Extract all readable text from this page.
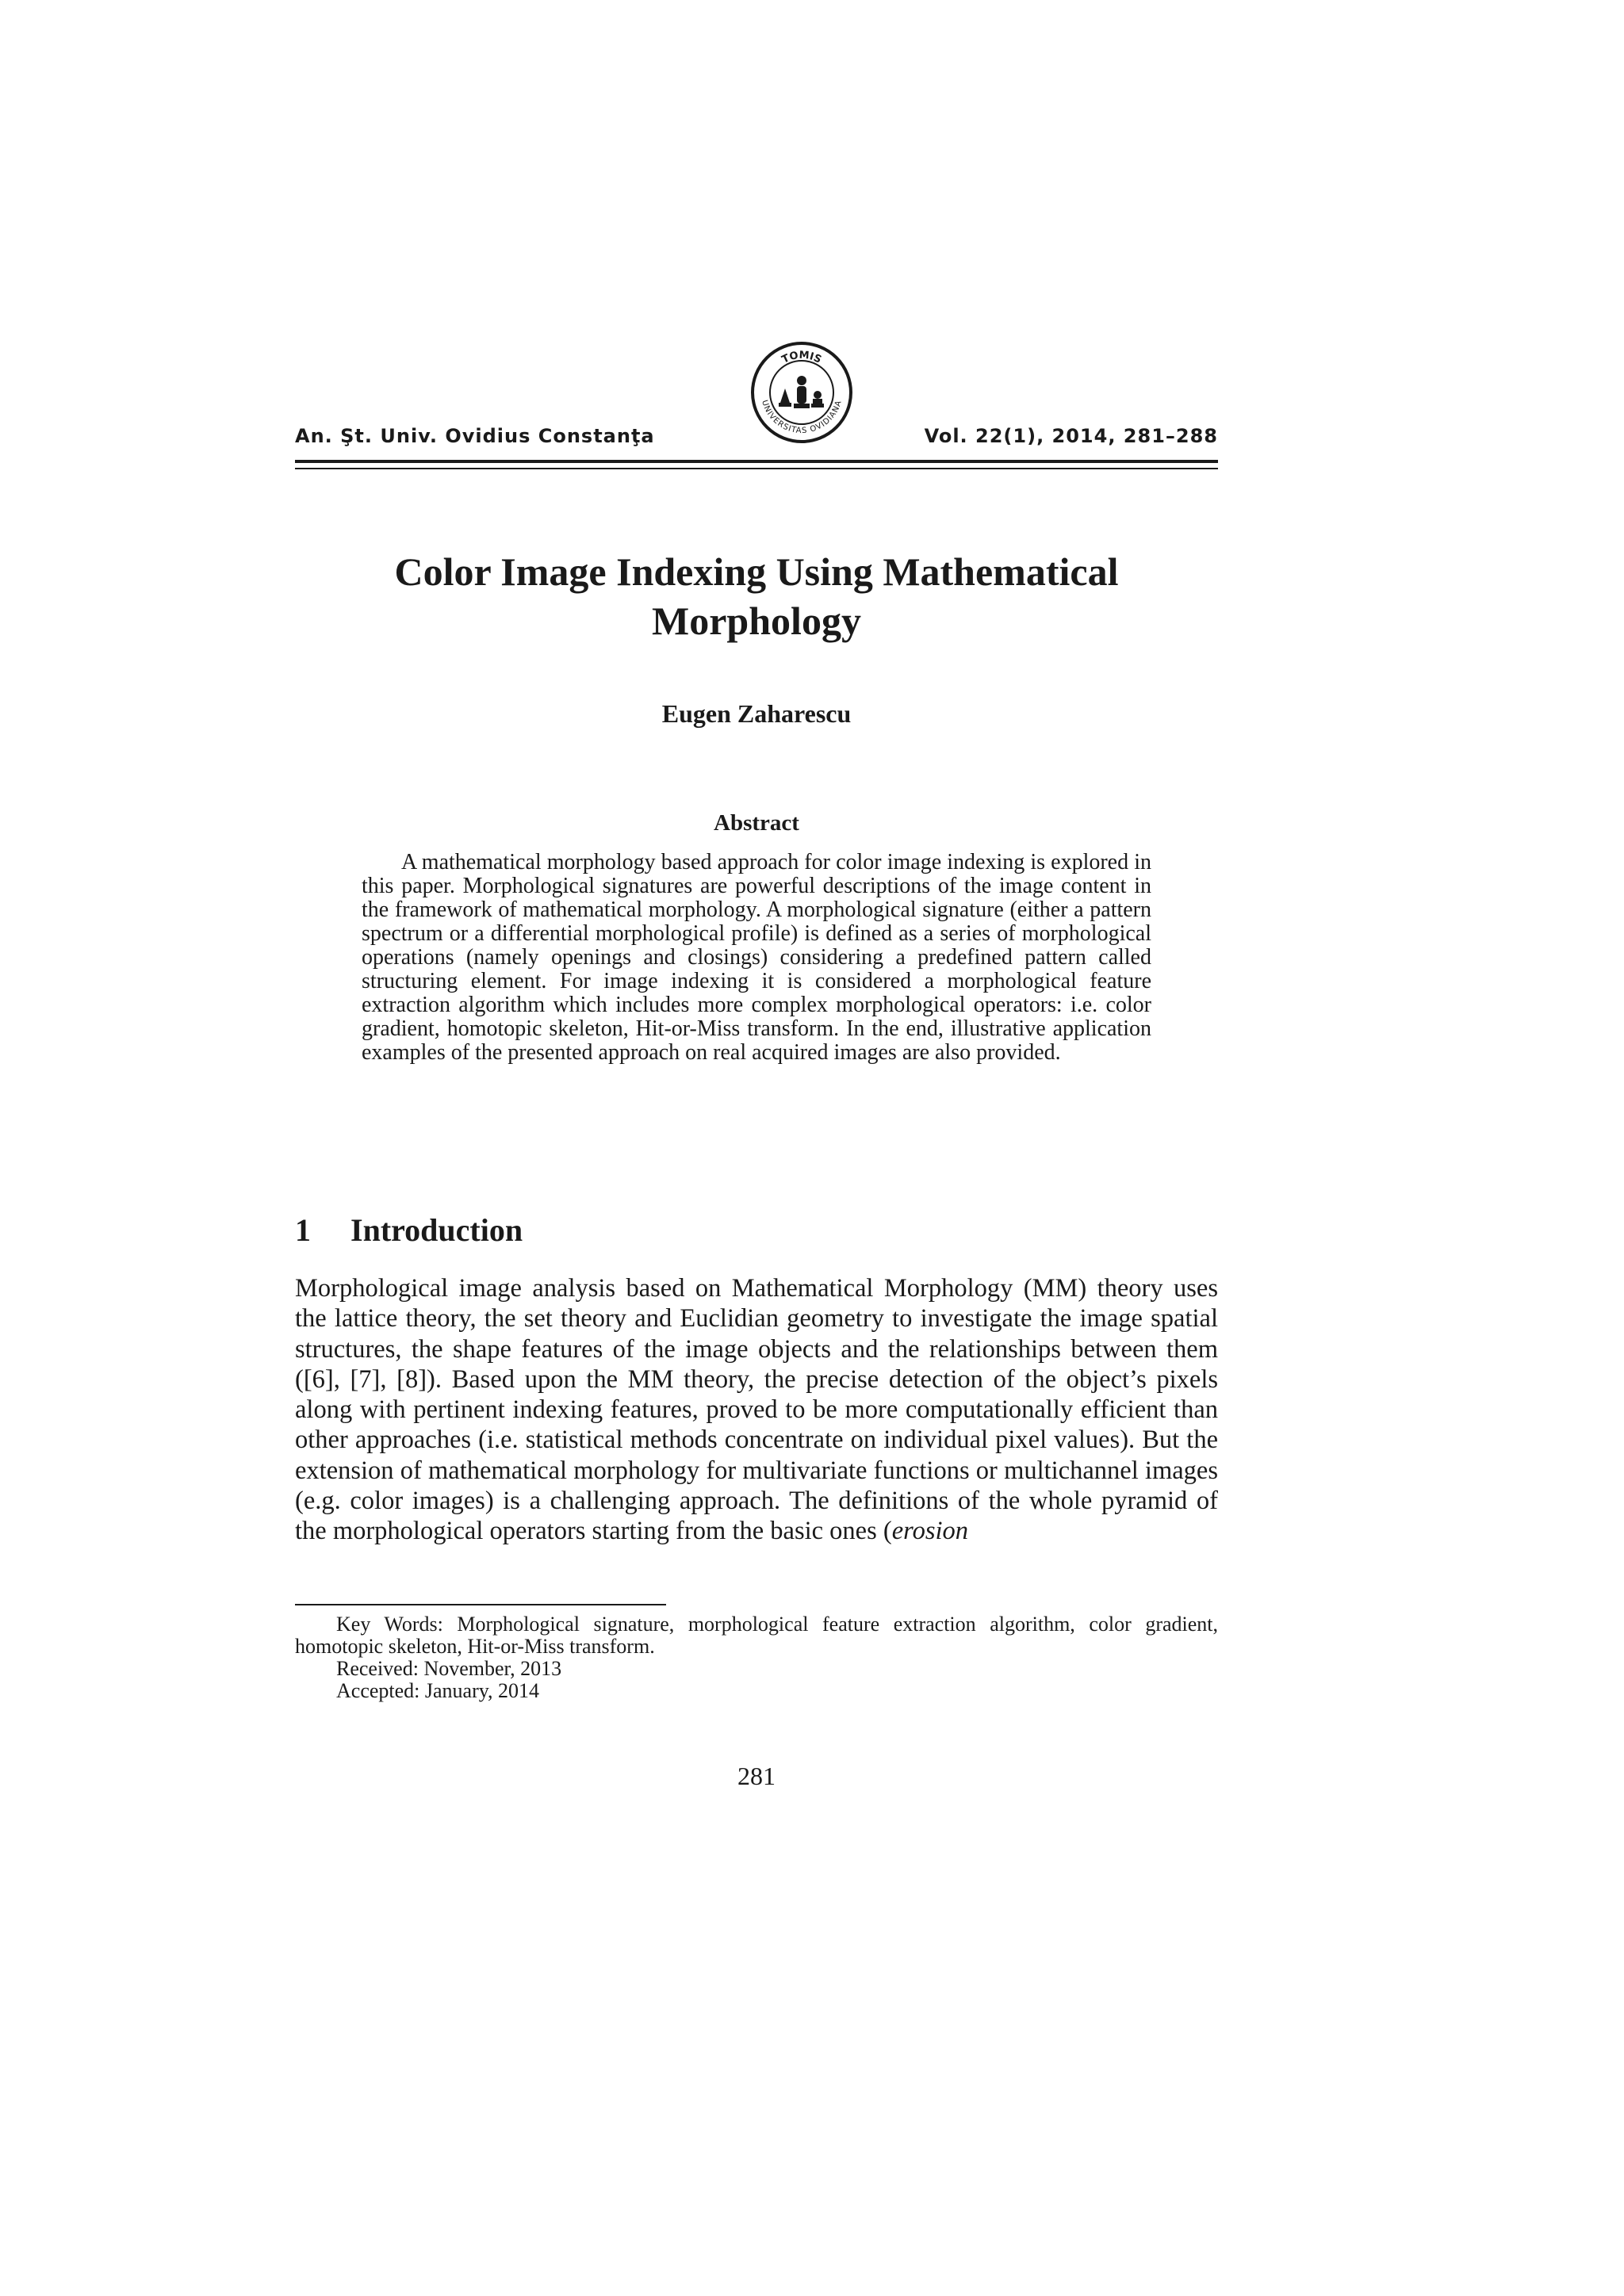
An. Şt. Univ. Ovidius Constanţa
TOMIS
UNIVERSITAS OVIDIANA
Vol. 22(1), 2014, 281–288
Color Image Indexing Using Mathematical
Morphology
Eugen Zaharescu
Abstract

A mathematical morphology based approach for color image indexing is explored in this paper. Morphological signatures are powerful descriptions of the image content in the framework of mathematical morphology. A morphological signature (either a pattern spectrum or a differential morphological profile) is defined as a series of morphological operations (namely openings and closings) considering a predefined pattern called structuring element. For image indexing it is considered a morphological feature extraction algorithm which includes more complex morphological operators: i.e. color gradient, homotopic skeleton, Hit-or-Miss transform. In the end, illustrative application examples of the presented approach on real acquired images are also provided.

1 Introduction

Morphological image analysis based on Mathematical Morphology (MM) theory uses the lattice theory, the set theory and Euclidian geometry to investigate the image spatial structures, the shape features of the image objects and the relationships between them ([6], [7], [8]). Based upon the MM theory, the precise detection of the object’s pixels along with pertinent indexing features, proved to be more computationally efficient than other approaches (i.e. statistical methods concentrate on individual pixel values). But the extension of mathematical morphology for multivariate functions or multichannel images (e.g. color images) is a challenging approach. The definitions of the whole pyramid of the morphological operators starting from the basic ones (erosion

Key Words: Morphological signature, morphological feature extraction algorithm, color gradient, homotopic skeleton, Hit-or-Miss transform.

Received: November, 2013

Accepted: January, 2014

281
